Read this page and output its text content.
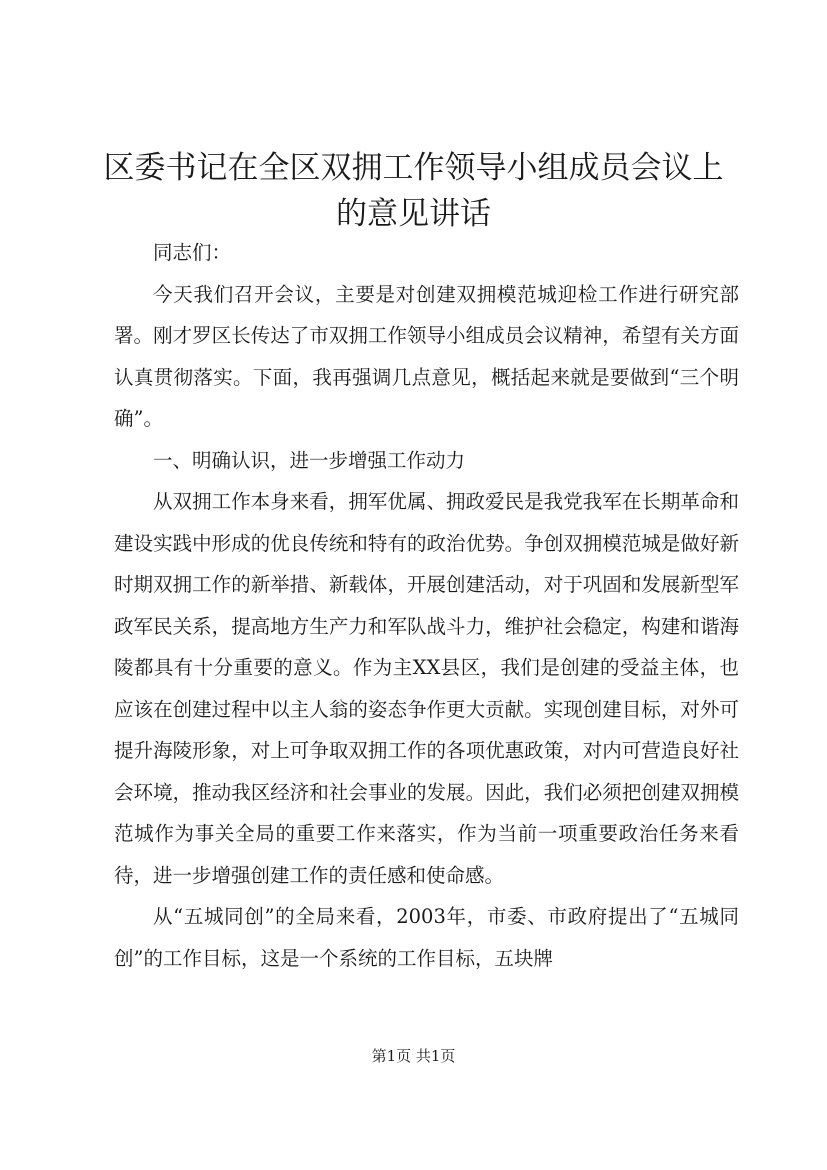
区委书记在全区双拥工作领导小组成员会议上的意见讲话

同志们：

今天我们召开会议，主要是对创建双拥模范城迎检工作进行研究部署。刚才罗区长传达了市双拥工作领导小组成员会议精神，希望有关方面认真贯彻落实。下面，我再强调几点意见，概括起来就是要做到“三个明确”。

一、明确认识，进一步增强工作动力

从双拥工作本身来看，拥军优属、拥政爱民是我党我军在长期革命和建设实践中形成的优良传统和特有的政治优势。争创双拥模范城是做好新时期双拥工作的新举措、新载体，开展创建活动，对于巩固和发展新型军政军民关系，提高地方生产力和军队战斗力，维护社会稳定，构建和谐海陵都具有十分重要的意义。作为主XX县区，我们是创建的受益主体，也应该在创建过程中以主人翁的姿态争作更大贡献。实现创建目标，对外可提升海陵形象，对上可争取双拥工作的各项优惠政策，对内可营造良好社会环境，推动我区经济和社会事业的发展。因此，我们必须把创建双拥模范城作为事关全局的重要工作来落实，作为当前一项重要政治任务来看待，进一步增强创建工作的责任感和使命感。

从“五城同创”的全局来看，2003年，市委、市政府提出了“五城同创”的工作目标，这是一个系统的工作目标，五块牌

第1页 共1页
